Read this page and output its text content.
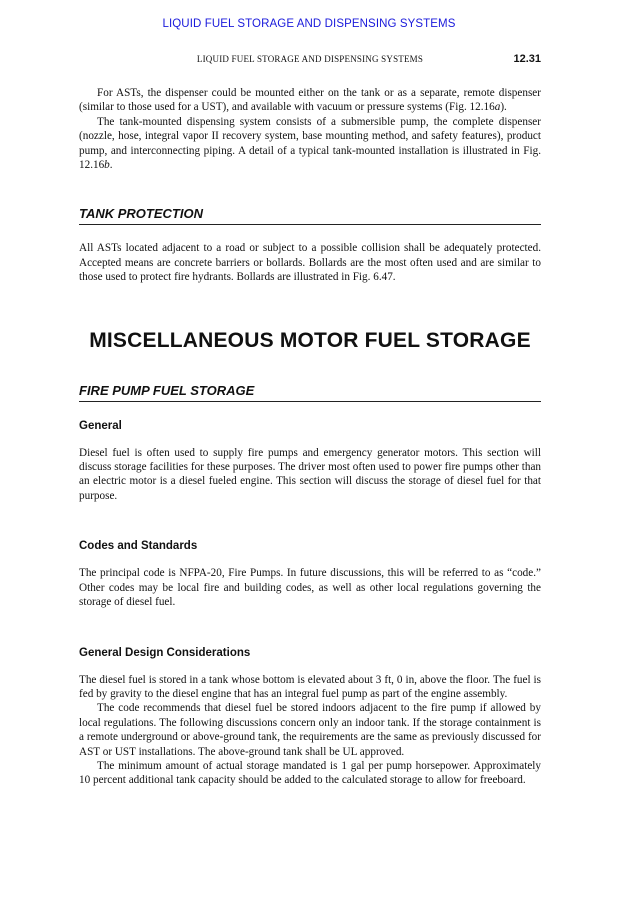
LIQUID FUEL STORAGE AND DISPENSING SYSTEMS
LIQUID FUEL STORAGE AND DISPENSING SYSTEMS	12.31

For ASTs, the dispenser could be mounted either on the tank or as a separate, remote dispenser (similar to those used for a UST), and available with vacuum or pressure systems (Fig. 12.16a).

The tank-mounted dispensing system consists of a submersible pump, the complete dispenser (nozzle, hose, integral vapor II recovery system, base mounting method, and safety features), product pump, and interconnecting piping. A detail of a typical tank-mounted installation is illustrated in Fig. 12.16b.

TANK PROTECTION

All ASTs located adjacent to a road or subject to a possible collision shall be adequately protected. Accepted means are concrete barriers or bollards. Bollards are the most often used and are similar to those used to protect fire hydrants. Bollards are illustrated in Fig. 6.47.

MISCELLANEOUS MOTOR FUEL STORAGE
FIRE PUMP FUEL STORAGE
General

Diesel fuel is often used to supply fire pumps and emergency generator motors. This section will discuss storage facilities for these purposes. The driver most often used to power fire pumps other than an electric motor is a diesel fueled engine. This section will discuss the storage of diesel fuel for that purpose.

Codes and Standards

The principal code is NFPA-20, Fire Pumps. In future discussions, this will be referred to as “code.” Other codes may be local fire and building codes, as well as other local regulations governing the storage of diesel fuel.

General Design Considerations

The diesel fuel is stored in a tank whose bottom is elevated about 3 ft, 0 in, above the floor. The fuel is fed by gravity to the diesel engine that has an integral fuel pump as part of the engine assembly.

The code recommends that diesel fuel be stored indoors adjacent to the fire pump if allowed by local regulations. The following discussions concern only an indoor tank. If the storage containment is a remote underground or above-ground tank, the requirements are the same as previously discussed for AST or UST installations. The above-ground tank shall be UL approved.

The minimum amount of actual storage mandated is 1 gal per pump horsepower. Approximately 10 percent additional tank capacity should be added to the calculated storage to allow for freeboard.
